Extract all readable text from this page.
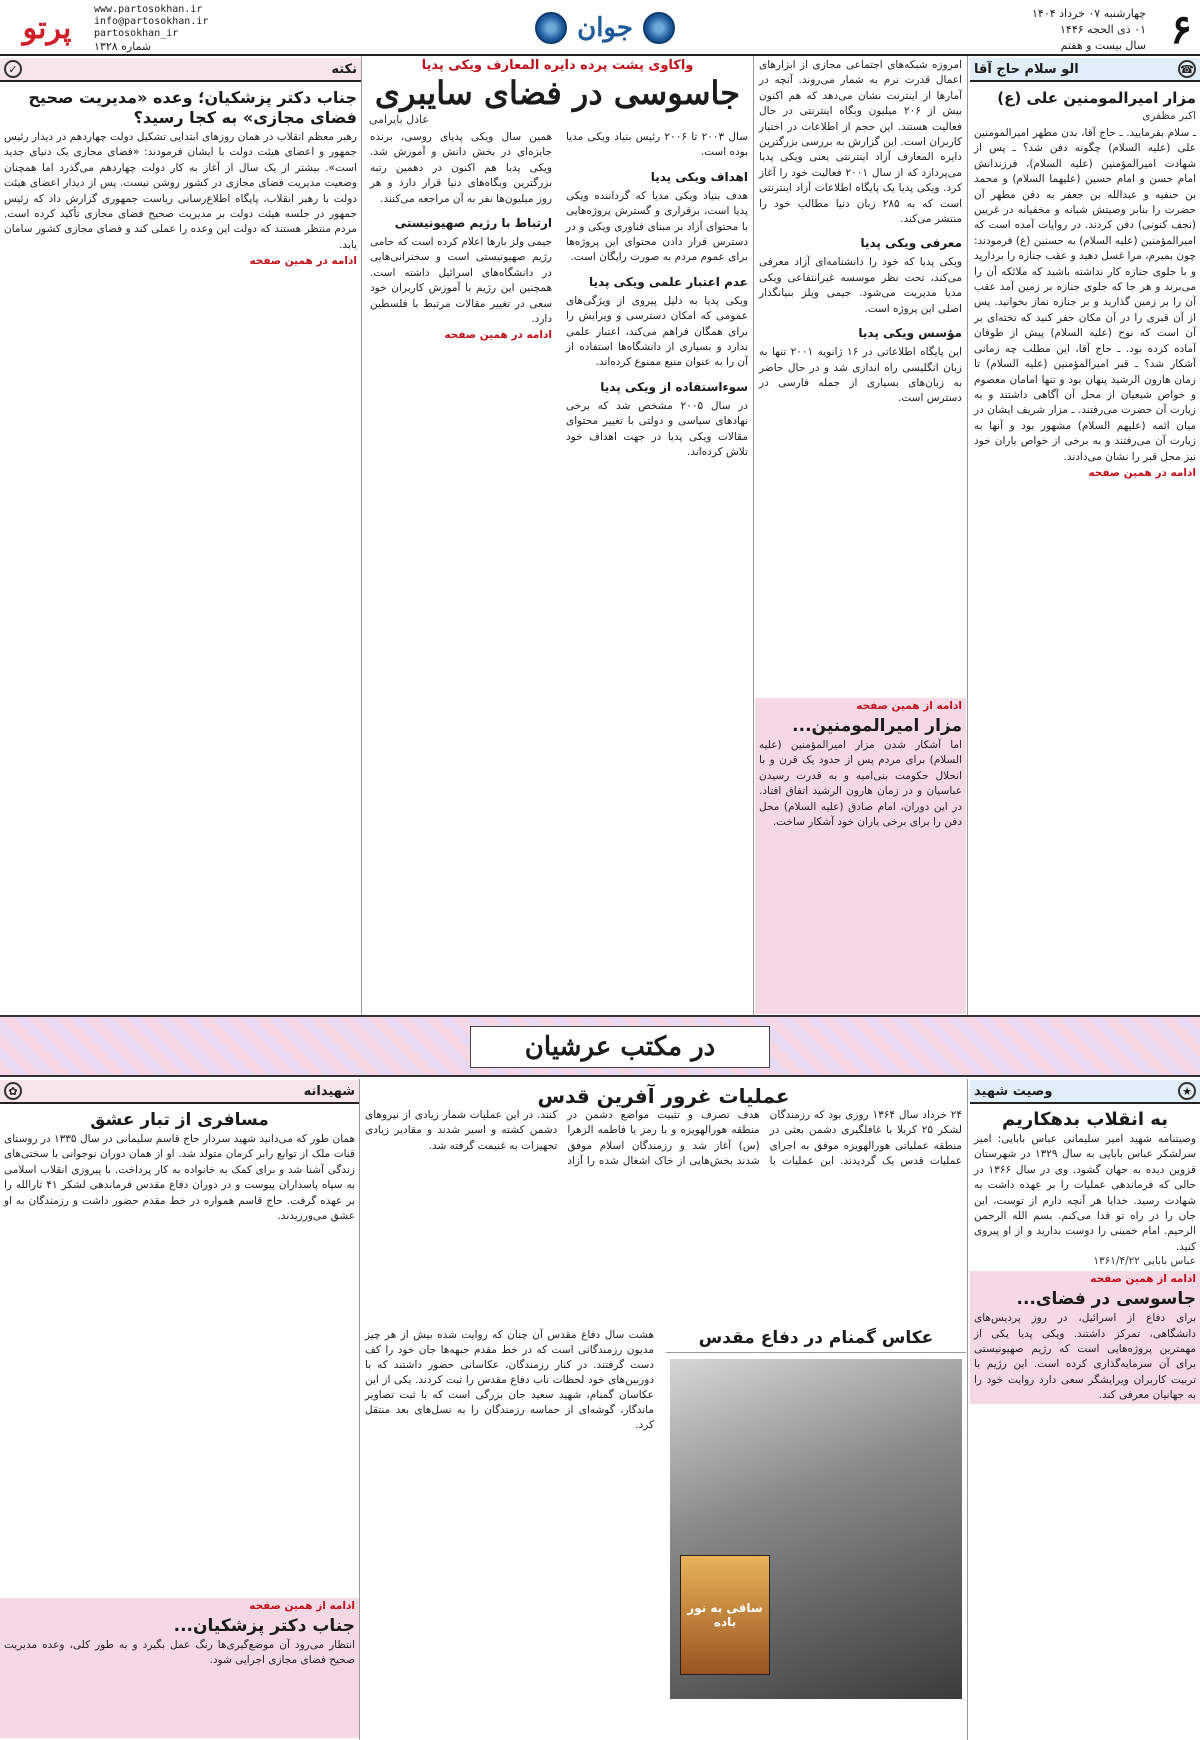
۶
چهارشنبه ۰۷ خرداد ۱۴۰۴
۰۱ ذی الحجه ۱۴۴۶
سال بیست و هفتم
جوان
www.partosokhan.ir
info@partosokhan.ir
partosokhan_ir
شماره ۱۳۲۸
پرتو
☎
الو سلام حاج آقا
مزار امیرالمومنین علی (ع)
اکبر مظفری
ـ سلام بفرمایید. ـ حاج آقا، بدن مطهر امیرالمومنین علی (علیه السلام) چگونه دفن شد؟ ـ پس از شهادت امیرالمؤمنین (علیه السلام)، فرزندانش امام حسن و امام حسین (علیهما السلام) و محمد بن حنفیه و عبدالله بن جعفر به دفن مطهر آن حضرت را بنابر وصیتش شبانه و مخفیانه در غریین (نجف کنونی) دفن کردند. در روایات آمده است که امیرالمؤمنین (علیه السلام) به حسنین (ع) فرمودند: چون بمیرم، مرا غسل دهید و عقب جنازه را بردارید و با جلوی جنازه کار نداشته باشید که ملائکه آن را می‌برند و هر جا که جلوی جنازه بر زمین آمد عقب آن را بر زمین گذارید و بر جنازه نماز بخوانید. پس از آن قبری را در آن مکان حفر کنید که تخته‌ای بر آن است که نوح (علیه السلام) پیش از طوفان آماده کرده بود. ـ حاج آقا، این مطلب چه زمانی آشکار شد؟ ـ قبر امیرالمؤمنین (علیه السلام) تا زمان هارون الرشید پنهان بود و تنها امامان معصوم و خواص شیعیان از محل آن آگاهی داشتند و به زیارت آن حضرت می‌رفتند. ـ مزار شریف ایشان در میان ائمه (علیهم السلام) مشهور بود و آنها به زیارت آن می‌رفتند و به برخی از خواص یاران خود نیز محل قبر را نشان می‌دادند.
ادامه در همین صفحه
امروزه شبکه‌های اجتماعی مجازی از ابزارهای اعمال قدرت نرم به شمار می‌روند. آنچه در آمارها از اینترنت نشان می‌دهد که هم اکنون بیش از ۲۰۶ میلیون وبگاه اینترنتی در حال فعالیت هستند. این حجم از اطلاعات در اختیار کاربران است. این گزارش به بررسی بزرگترین دایره المعارف آزاد اینترنتی یعنی ویکی پدیا می‌پردازد که از سال ۲۰۰۱ فعالیت خود را آغاز کرد. ویکی پدیا یک پایگاه اطلاعات آزاد اینترنتی است که به ۲۸۵ زبان دنیا مطالب خود را منتشر می‌کند.
معرفی ویکی پدیا
ویکی پدیا که خود را دانشنامه‌ای آزاد معرفی می‌کند، تحت نظر موسسه غیرانتفاعی ویکی مدیا مدیریت می‌شود. جیمی ویلز بنیانگذار اصلی این پروژه است.
مؤسس ویکی پدیا
این پایگاه اطلاعاتی در ۱۶ ژانویه ۲۰۰۱ تنها به زبان انگلیسی راه اندازی شد و در حال حاضر به زبان‌های بسیاری از جمله فارسی در دسترس است.
ادامه از همین صفحه
مزار امیرالمومنین...
اما آشکار شدن مزار امیرالمؤمنین (علیه السلام) برای مردم پس از حدود یک قرن و با انحلال حکومت بنی‌امیه و به قدرت رسیدن عباسیان و در زمان هارون الرشید اتفاق افتاد. در این دوران، امام صادق (علیه السلام) محل دفن را برای برخی یاران خود آشکار ساخت.
واکاوی پشت پرده دایره المعارف ویکی پدیا
جاسوسی در فضای سایبری
عادل بایرامی
سال ۲۰۰۳ تا ۲۰۰۶ رئیس بنیاد ویکی مدیا بوده است.
اهداف ویکی پدیا
هدف بنیاد ویکی مدیا که گرداننده ویکی پدیا است، برقراری و گسترش پروژه‌هایی با محتوای آزاد بر مبنای فناوری ویکی و در دسترس قرار دادن محتوای این پروژه‌ها برای عموم مردم به صورت رایگان است.
عدم اعتبار علمی ویکی پدیا
ویکی پدیا به دلیل پیروی از ویژگی‌های عمومی که امکان دسترسی و ویرایش را برای همگان فراهم می‌کند، اعتبار علمی ندارد و بسیاری از دانشگاه‌ها استفاده از آن را به عنوان منبع ممنوع کرده‌اند.
سوءاستفاده از ویکی پدیا
در سال ۲۰۰۵ مشخص شد که برخی نهادهای سیاسی و دولتی با تغییر محتوای مقالات ویکی پدیا در جهت اهداف خود تلاش کرده‌اند.
همین سال ویکی پدیای روسی، برنده جایزه‌ای در بخش دانش و آموزش شد. ویکی پدیا هم اکنون در دهمین رتبه بزرگترین وبگاه‌های دنیا قرار دارد و هر روز میلیون‌ها نفر به آن مراجعه می‌کنند.
ارتباط با رژیم صهیونیستی
جیمی ولز بارها اعلام کرده است که حامی رژیم صهیونیستی است و سخنرانی‌هایی در دانشگاه‌های اسرائیل داشته است. همچنین این رژیم با آموزش کاربران خود سعی در تغییر مقالات مرتبط با فلسطین دارد.
ادامه در همین صفحه
نکته
✓
جناب دکتر پزشکیان؛ وعده «مدیریت صحیح فضای مجازی» به کجا رسید؟
رهبر معظم انقلاب در همان روزهای ابتدایی تشکیل دولت چهاردهم در دیدار رئیس جمهور و اعضای هیئت دولت با ایشان فرمودند: «فضای مجازی یک دنیای جدید است». بیشتر از یک سال از آغاز به کار دولت چهاردهم می‌گذرد اما همچنان وضعیت مدیریت فضای مجازی در کشور روشن نیست. پس از دیدار اعضای هیئت دولت با رهبر انقلاب، پایگاه اطلاع‌رسانی ریاست جمهوری گزارش داد که رئیس جمهور در جلسه هیئت دولت بر مدیریت صحیح فضای مجازی تأکید کرده است. مردم منتظر هستند که دولت این وعده را عملی کند و فضای مجازی کشور سامان یابد.
ادامه در همین صفحه
در مکتب عرشیان
★
وصیت شهید
به انقلاب بدهکاریم
وصیتنامه شهید امیر سلیمانی عباس بابایی: امیر سرلشکر عباس بابایی به سال ۱۳۲۹ در شهرستان قزوین دیده به جهان گشود. وی در سال ۱۳۶۶ در حالی که فرماندهی عملیات را بر عهده داشت به شهادت رسید. خدایا هر آنچه دارم از توست، این جان را در راه تو فدا می‌کنم. بسم الله الرحمن الرحیم. امام خمینی را دوست بدارید و از او پیروی کنید.
عباس بابایی ۱۳۶۱/۴/۲۲
ادامه از همین صفحه
جاسوسی در فضای...
برای دفاع از اسرائیل، در روز پردیس‌های دانشگاهی، تمرکز داشتند. ویکی پدیا یکی از مهمترین پروژه‌هایی است که رژیم صهیونیستی برای آن سرمایه‌گذاری کرده است. این رژیم با تربیت کاربران ویرایشگر سعی دارد روایت خود را به جهانیان معرفی کند.
عملیات غرور آفرین قدس
۲۴ خرداد سال ۱۳۶۴ روزی بود که رزمندگان لشکر ۲۵ کربلا با غافلگیری دشمن بعثی در منطقه عملیاتی هورالهویزه موفق به اجرای عملیات قدس یک گردیدند. این عملیات با هدف تصرف و تثبیت مواضع دشمن در منطقه هورالهویزه و با رمز یا فاطمه الزهرا (س) آغاز شد و رزمندگان اسلام موفق شدند بخش‌هایی از خاک اشغال شده را آزاد کنند. در این عملیات شمار زیادی از نیروهای دشمن کشته و اسیر شدند و مقادیر زیادی تجهیزات به غنیمت گرفته شد.
عکاس گمنام در دفاع مقدس
ساقی به نور باده
هشت سال دفاع مقدس آن چنان که روایت شده بیش از هر چیز مدیون رزمندگانی است که در خط مقدم جبهه‌ها جان خود را کف دست گرفتند. در کنار رزمندگان، عکاسانی حضور داشتند که با دوربین‌های خود لحظات ناب دفاع مقدس را ثبت کردند. یکی از این عکاسان گمنام، شهید سعید جان بزرگی است که با ثبت تصاویر ماندگار، گوشه‌ای از حماسه رزمندگان را به نسل‌های بعد منتقل کرد.
شهیدانه
✿
مسافری از تبار عشق
همان طور که می‌دانید شهید سردار حاج قاسم سلیمانی در سال ۱۳۳۵ در روستای قنات ملک از توابع رابر کرمان متولد شد. او از همان دوران نوجوانی با سختی‌های زندگی آشنا شد و برای کمک به خانواده به کار پرداخت. با پیروزی انقلاب اسلامی به سپاه پاسداران پیوست و در دوران دفاع مقدس فرماندهی لشکر ۴۱ ثارالله را بر عهده گرفت. حاج قاسم همواره در خط مقدم حضور داشت و رزمندگان به او عشق می‌ورزیدند.
ادامه از همین صفحه
جناب دکتر پزشکیان...
انتظار می‌رود آن موضع‌گیری‌ها رنگ عمل بگیرد و به طور کلی، وعده مدیریت صحیح فضای مجازی اجرایی شود.
